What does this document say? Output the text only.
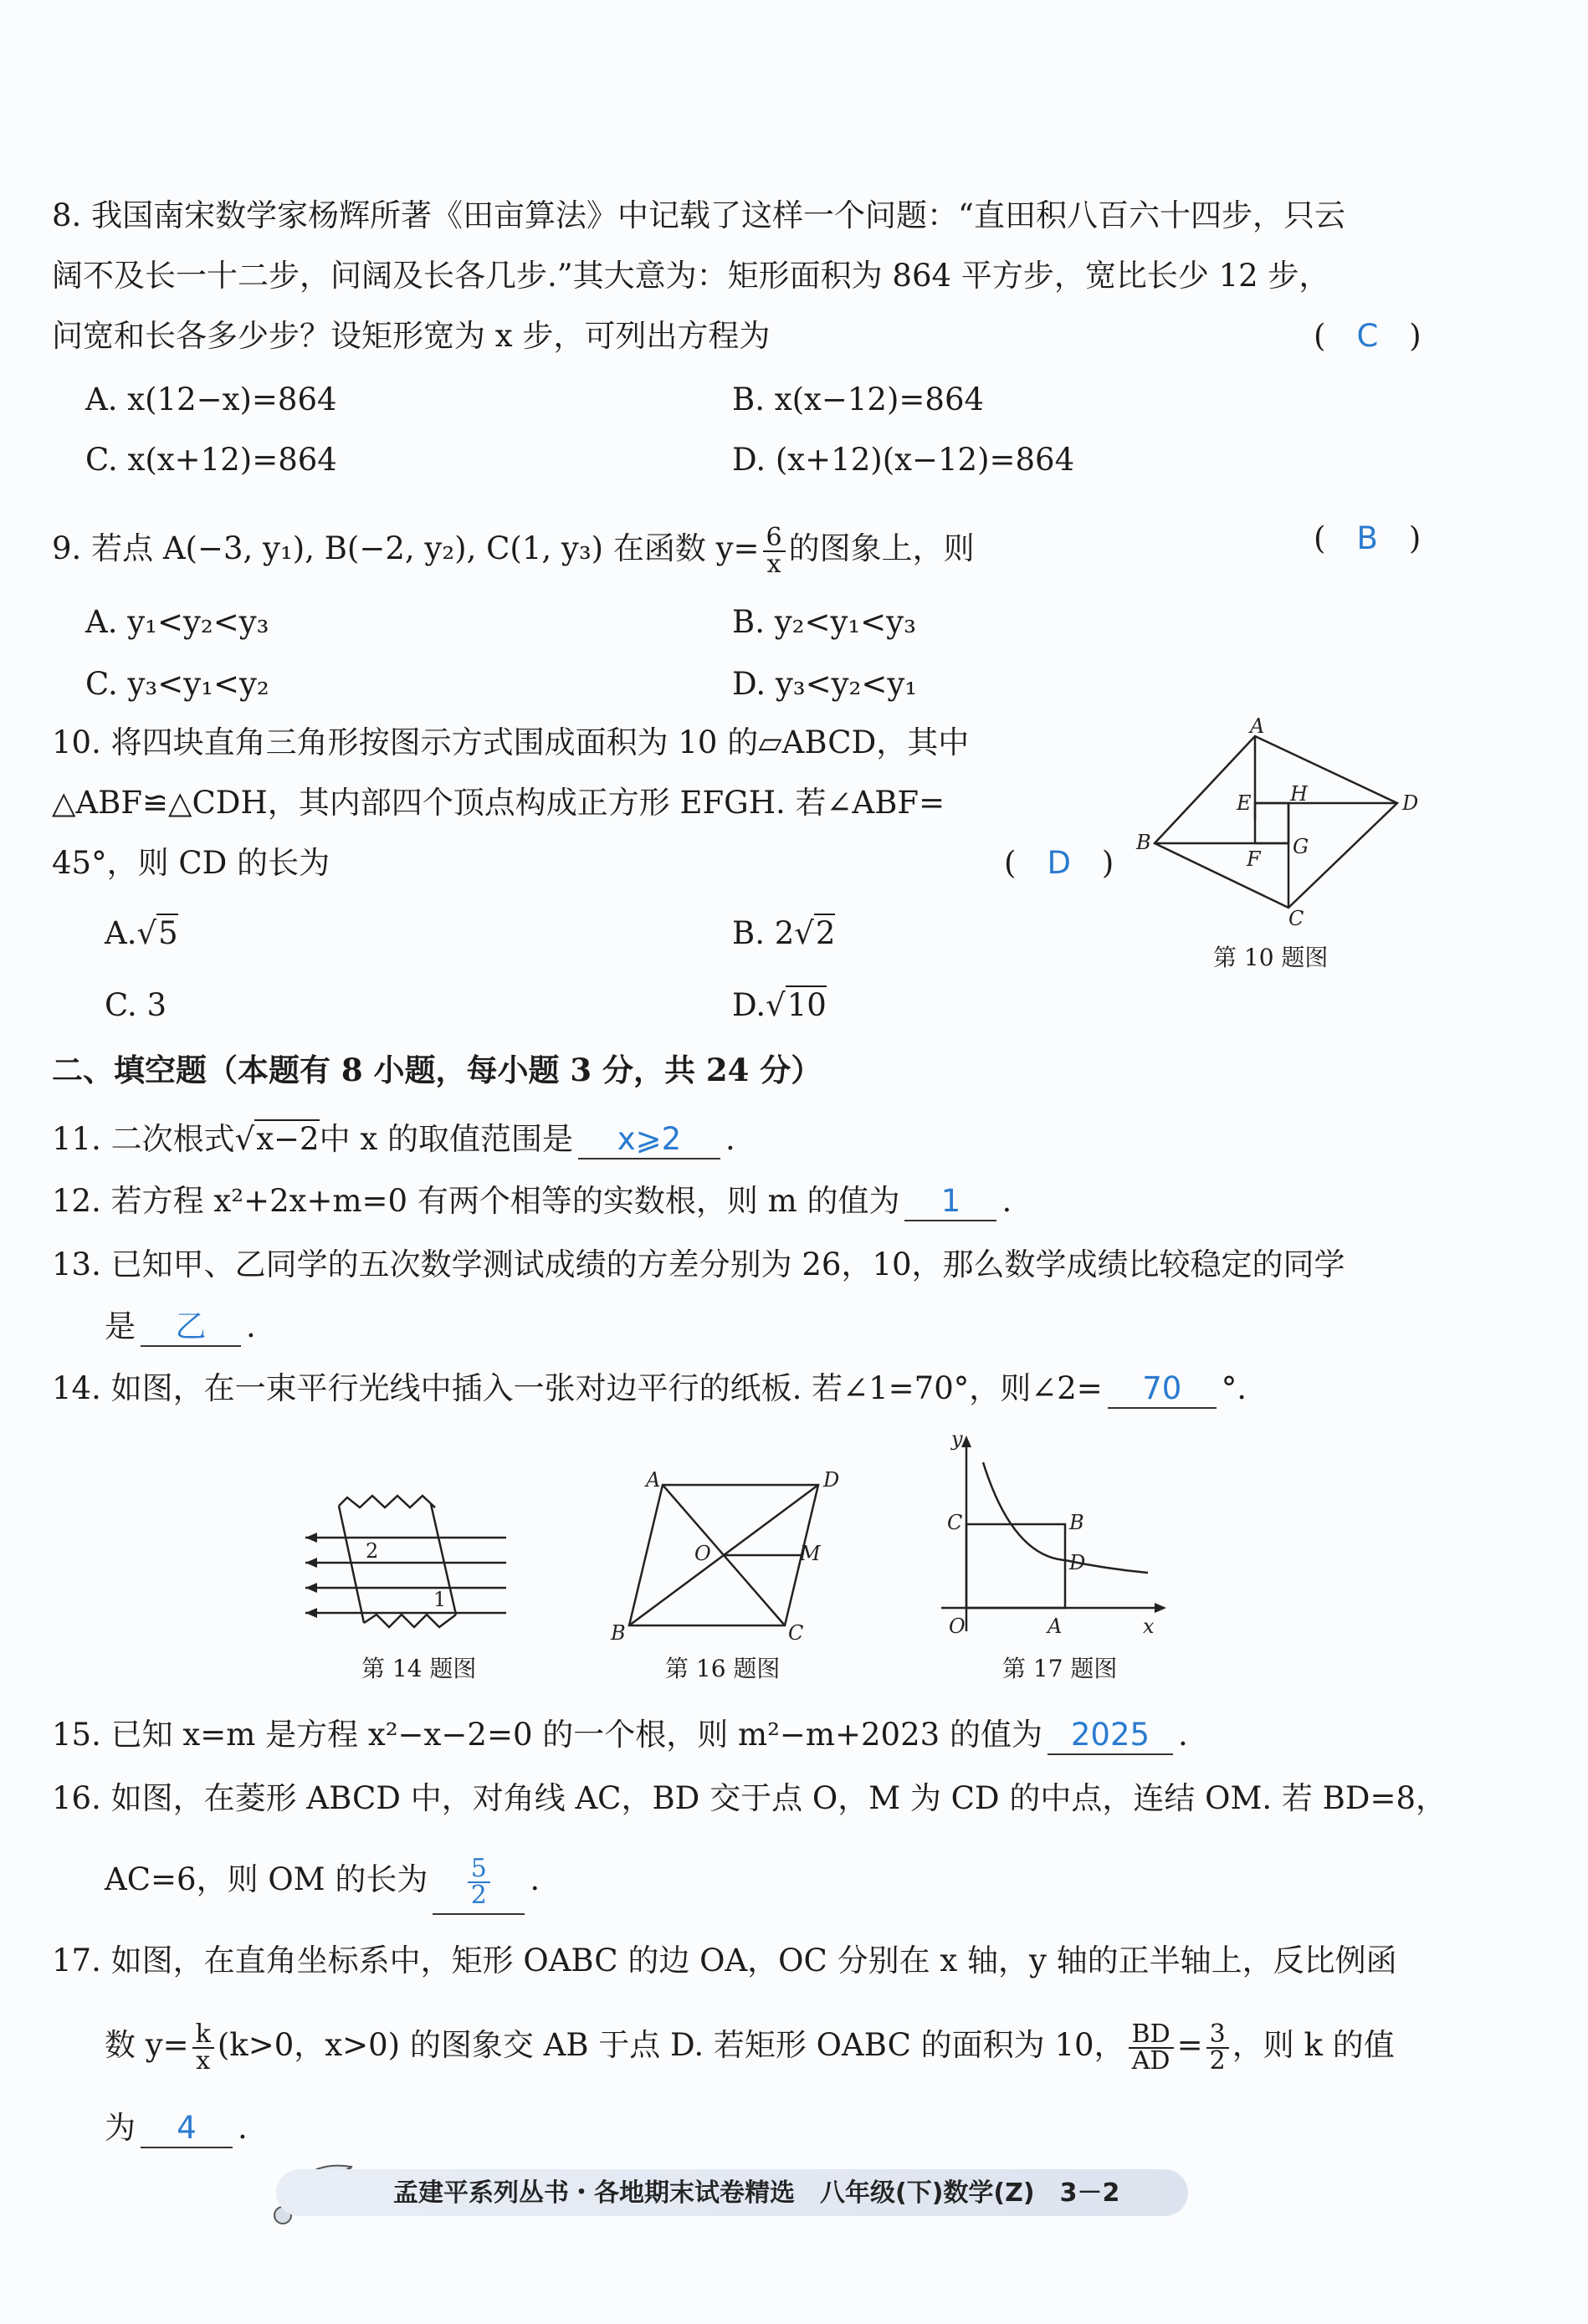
8. 我国南宋数学家杨辉所著《田亩算法》中记载了这样一个问题：“直田积八百六十四步，只云
阔不及长一十二步，问阔及长各几步.”其大意为：矩形面积为 864 平方步，宽比长少 12 步，
问宽和长各多少步？设矩形宽为 x 步，可列出方程为	(　C　)
A. x(12−x)=864	B. x(x−12)=864
C. x(x+12)=864	D. (x+12)(x−12)=864
9. 若点 A(−3, y₁), B(−2, y₂), C(1, y₃) 在函数 $y= \frac{6}{x}$ 的图象上，则	(　B　)
A. y₁<y₂<y₃	B. y₂<y₁<y₃
C. y₃<y₁<y₂	D. y₃<y₂<y₁
10. 将四块直角三角形按图示方式围成面积为 10 的▱ABCD，其中
△ABF≌△CDH，其内部四个顶点构成正方形 EFGH. 若∠ABF=
45°，则 CD 的长为	(　D　)
A.√5	B. 2√2
C. 3	D.√10
A
B
C
D
E
F
G
H
第 10 题图
二、填空题（本题有 8 小题，每小题 3 分，共 24 分）
11. 二次根式√x−2中 x 的取值范围是 x⩾2 .
12. 若方程 x²+2x+m=0 有两个相等的实数根，则 m 的值为 1 .
13. 已知甲、乙同学的五次数学测试成绩的方差分别为 26，10，那么数学成绩比较稳定的同学
是 乙 .
14. 如图，在一束平行光线中插入一张对边平行的纸板. 若∠1=70°，则∠2= 70 °.
2
1
第 14 题图
A	D
B	C
O	M
第 16 题图
y
x
O	A
B
C
D
第 17 题图
15. 已知 x=m 是方程 x²−x−2=0 的一个根，则 m²−m+2023 的值为 2025 .
16. 如图，在菱形 ABCD 中，对角线 AC，BD 交于点 O，M 为 CD 的中点，连结 OM. 若 BD=8，
AC=6，则 OM 的长为 $\frac{5}{2}$ .
17. 如图，在直角坐标系中，矩形 OABC 的边 OA，OC 分别在 x 轴，y 轴的正半轴上，反比例函
数 $y= \frac{k}{x} (k>0$，x>0) 的图象交 AB 于点 D. 若矩形 OABC 的面积为 10， $\frac{BD}{AD} = \frac{3}{2}$ ，则 k 的值
为 4 .
孟建平系列丛书・各地期末试卷精选　八年级(下)数学(Z)　3－2
